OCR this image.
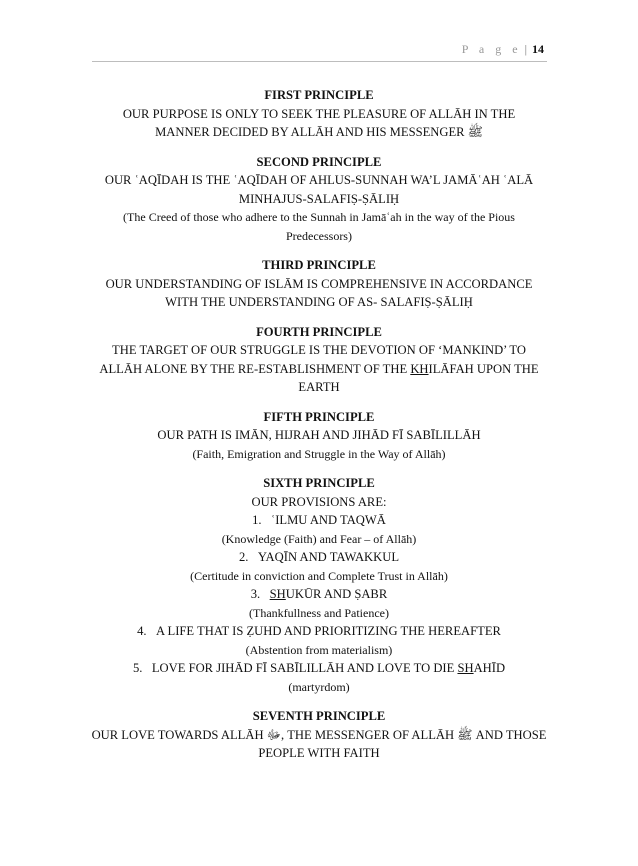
P a g e | 14
FIRST PRINCIPLE
OUR PURPOSE IS ONLY TO SEEK THE PLEASURE OF ALLĀH IN THE
MANNER DECIDED BY ALLĀH AND HIS MESSENGER ﷺ
SECOND PRINCIPLE
OUR ʿAQĪDAH IS THE ʿAQĪDAH OF AHLUS-SUNNAH WA’L JAMĀʿAH ʿALĀ
MINHAJUS-SALAFIṢ-ṢĀLIḤ
(The Creed of those who adhere to the Sunnah in Jamāʿah in the way of the Pious
Predecessors)
THIRD PRINCIPLE
OUR UNDERSTANDING OF ISLĀM IS COMPREHENSIVE IN ACCORDANCE
WITH THE UNDERSTANDING OF AS- SALAFIṢ-ṢĀLIḤ
FOURTH PRINCIPLE
THE TARGET OF OUR STRUGGLE IS THE DEVOTION OF ‘MANKIND’ TO
ALLĀH ALONE BY THE RE-ESTABLISHMENT OF THE KHILĀFAH UPON THE
EARTH
FIFTH PRINCIPLE
OUR PATH IS IMĀN, HIJRAH AND JIHĀD FĪ SABĪLILLĀH
(Faith, Emigration and Struggle in the Way of Allāh)
SIXTH PRINCIPLE
OUR PROVISIONS ARE:
1. ʿILMU AND TAQWĀ
(Knowledge (Faith) and Fear – of Allāh)
2. YAQĪN AND TAWAKKUL
(Certitude in conviction and Complete Trust in Allāh)
3. SHUKŪR AND ṢABR
(Thankfullness and Patience)
4. A LIFE THAT IS ẒUHD AND PRIORITIZING THE HEREAFTER
(Abstention from materialism)
5. LOVE FOR JIHĀD FĪ SABĪLILLĀH AND LOVE TO DIE SHAHĪD
(martyrdom)
SEVENTH PRINCIPLE
OUR LOVE TOWARDS ALLĀH ﷻ, THE MESSENGER OF ALLĀH ﷺ AND THOSE
PEOPLE WITH FAITH
